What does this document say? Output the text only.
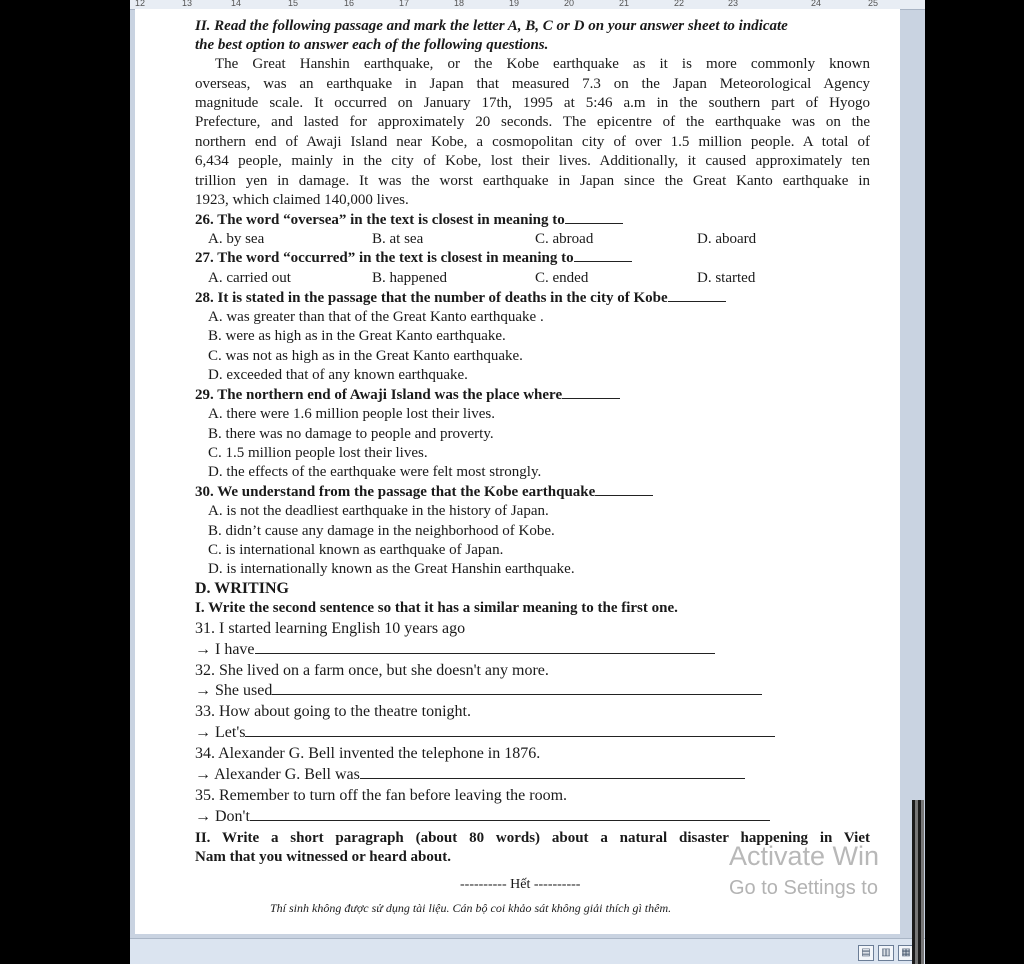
12	13	14	15	16	17	18	19	20	21	22	23	24	25
II. Read the following passage and mark the letter A, B, C or D on your answer sheet to indicate
the best option to answer each of the following questions.
The Great Hanshin earthquake, or the Kobe earthquake as it is more commonly known
overseas, was an earthquake in Japan that measured 7.3 on the Japan Meteorological Agency
magnitude scale. It occurred on January 17th, 1995 at 5:46 a.m in the southern part of Hyogo
Prefecture, and lasted for approximately 20 seconds. The epicentre of the earthquake was on the
northern end of Awaji Island near Kobe, a cosmopolitan city of over 1.5 million people. A total of
6,434 people, mainly in the city of Kobe, lost their lives. Additionally, it caused approximately ten
trillion yen in damage. It was the worst earthquake in Japan since the Great Kanto earthquake in
1923, which claimed 140,000 lives.
26. The word “oversea” in the text is closest in meaning to
A. by sea	B. at sea	C. abroad	D. aboard
27. The word “occurred” in the text is closest in meaning to
A. carried out	B. happened	C. ended	D. started
28. It is stated in the passage that the number of deaths in the city of Kobe
A. was greater than that of the Great Kanto earthquake .
B. were as high as in the Great Kanto earthquake.
C. was not as high as in the Great Kanto earthquake.
D. exceeded that of any known earthquake.
29. The northern end of Awaji Island was the place where
A. there were 1.6 million people lost their lives.
B. there was no damage to people and proverty.
C. 1.5 million people lost their lives.
D. the effects of the earthquake were felt most strongly.
30. We understand from the passage that the Kobe earthquake
A. is not the deadliest earthquake in the history of Japan.
B. didn’t cause any damage in the neighborhood of Kobe.
C. is international known as earthquake of Japan.
D. is internationally known as the Great Hanshin earthquake.
D. WRITING
I. Write the second sentence so that it has a similar meaning to the first one.
31. I started learning English 10 years ago
→ I have
32. She lived on a farm once, but she doesn't any more.
→ She used
33. How about going to the theatre tonight.
→ Let's
34. Alexander G. Bell invented the telephone in 1876.
→ Alexander G. Bell was
35. Remember to turn off the fan before leaving the room.
→ Don't
II. Write a short paragraph (about 80 words) about a natural disaster happening in Viet
Nam that you witnessed or heard about.
---------- Hết ----------
Thí sinh không được sử dụng tài liệu. Cán bộ coi khảo sát không giải thích gì thêm.
Activate Win
Go to Settings to
▤	▥	▦
